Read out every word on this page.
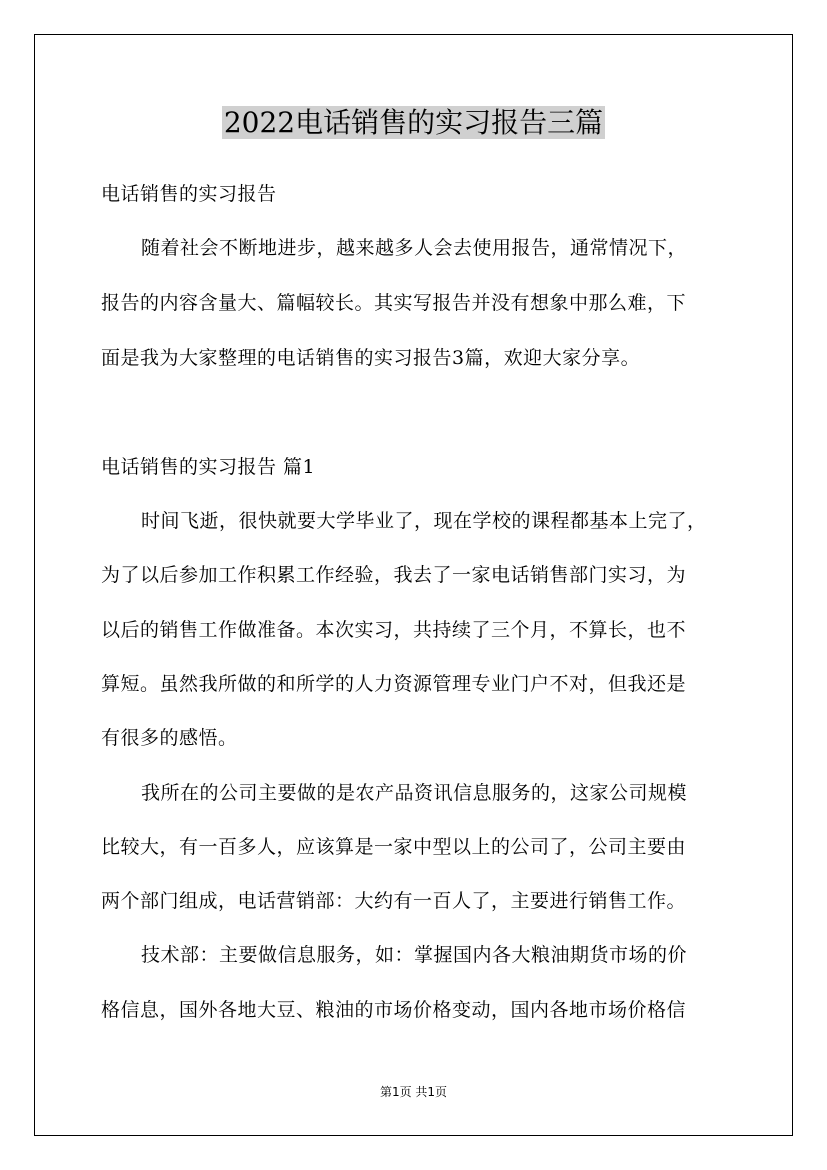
2022电话销售的实习报告三篇
电话销售的实习报告
随着社会不断地进步，越来越多人会去使用报告，通常情况下，
报告的内容含量大、篇幅较长。其实写报告并没有想象中那么难，下
面是我为大家整理的电话销售的实习报告3篇，欢迎大家分享。
电话销售的实习报告 篇1
时间飞逝，很快就要大学毕业了，现在学校的课程都基本上完了，
为了以后参加工作积累工作经验，我去了一家电话销售部门实习，为
以后的销售工作做准备。本次实习，共持续了三个月，不算长，也不
算短。虽然我所做的和所学的人力资源管理专业门户不对，但我还是
有很多的感悟。
我所在的公司主要做的是农产品资讯信息服务的，这家公司规模
比较大，有一百多人，应该算是一家中型以上的公司了，公司主要由
两个部门组成，电话营销部：大约有一百人了，主要进行销售工作。
技术部：主要做信息服务，如：掌握国内各大粮油期货市场的价
格信息，国外各地大豆、粮油的市场价格变动，国内各地市场价格信
第1页 共1页
